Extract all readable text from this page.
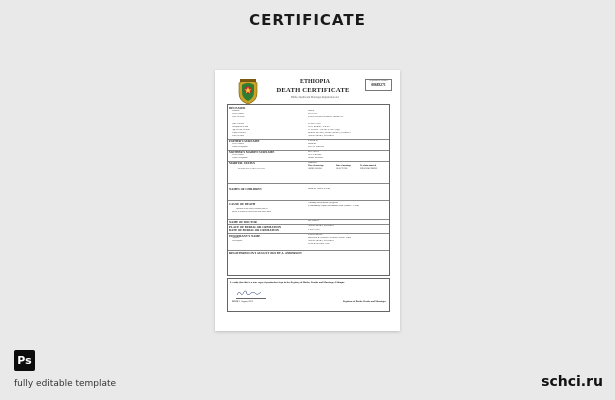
CERTIFICATE
ETHIOPIA
DEATH CERTIFICATE
Births, Deaths and Marriages Registration Act
Registration Number
00683271
DECEASED
Surname	DREW
Given Names	LUCIA D.
Place of death	ETHIO TIKUR GENERAL HOSPITAL
Date of death	29 JULY 2022
Occupation at date	FLAT BURSH / SALES
Age & Date of birth	25 YEARS - 3 MARCH 1997 (Age)
Usual residence	BERHE ISLAND, ADDIS ABABA, ETHIOPIA
Place of birth	ADDIS ABABA, ETHIOPIA
FATHER'S SURNAME	ETHIOPIA
Given Names	ROBERT
Usual Occupation	LOCAL WRITER
MOTHER'S MAIDEN SURNAME	MCCARDY
Given Names	LUCY MARIE
Usual Occupation	HOME MAKER
MARITAL STATUS	Widowed
Place of marriage	Date of marriage	To whom married
MARRIAGE PARTICULARS	ADDIS ABABA	16 OCT 1965	WILLIAMS DREW
NAMES OF CHILDREN	ROBERT DREW (FAM)
CAUSE OF DEATH	Coronary artery disease (as given)
(Contributory: Lupus) Pneumonia Acute (Failure - 1 Year)
Operation in the body-Performed name of
disease in relation to which death from cause stated
NAME OF DOCTOR	DR. SMITH
PLACE OF BURIAL OR CREMATION	ADDIS ABABA, ETHIOPIA
DATE OF BURIAL OR CREMATION	2 JULY 2022
INFORMANT'S NAME	ETHIO ISRAEL
Address	BOWERS & CORRIE FUNERAL DIRECTORS
Description	ADDIS ABABA, ETHIOPIA
FUNERAL DIRECTOR
REGISTERED ON 9 AUGUST 2022 BY A. ANDERSON
I certify that this is a true copy of particulars kept in the Registry of Births, Deaths and Marriages Ethiopia
DATE 1 August 2022	Registrar of Births, Deaths and Marriages
Ps
fully editable template	schci.ru
